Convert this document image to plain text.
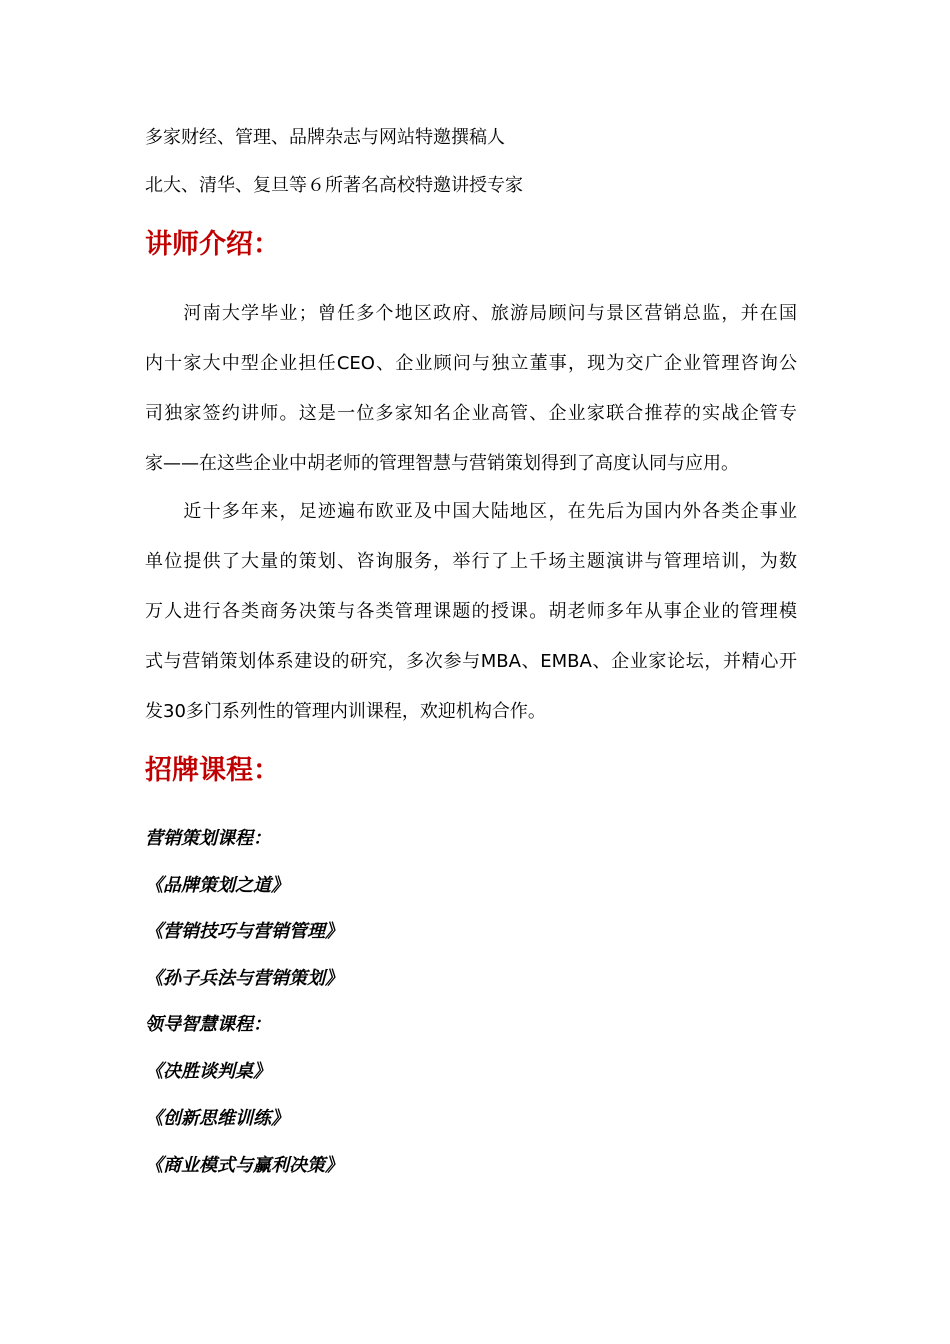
多家财经、管理、品牌杂志与网站特邀撰稿人
北大、清华、复旦等６所著名高校特邀讲授专家
讲师介绍：
　　河南大学毕业；曾任多个地区政府、旅游局顾问与景区营销总监，并在国
内十家大中型企业担任CEO、企业顾问与独立董事，现为交广企业管理咨询公
司独家签约讲师。这是一位多家知名企业高管、企业家联合推荐的实战企管专
家——在这些企业中胡老师的管理智慧与营销策划得到了高度认同与应用。
　　近十多年来，足迹遍布欧亚及中国大陆地区，在先后为国内外各类企事业
单位提供了大量的策划、咨询服务，举行了上千场主题演讲与管理培训，为数
万人进行各类商务决策与各类管理课题的授课。胡老师多年从事企业的管理模
式与营销策划体系建设的研究，多次参与MBA、EMBA、企业家论坛，并精心开
发30多门系列性的管理内训课程，欢迎机构合作。
招牌课程：
营销策划课程：
《品牌策划之道》
《营销技巧与营销管理》
《孙子兵法与营销策划》
领导智慧课程：
《决胜谈判桌》
《创新思维训练》
《商业模式与赢利决策》
